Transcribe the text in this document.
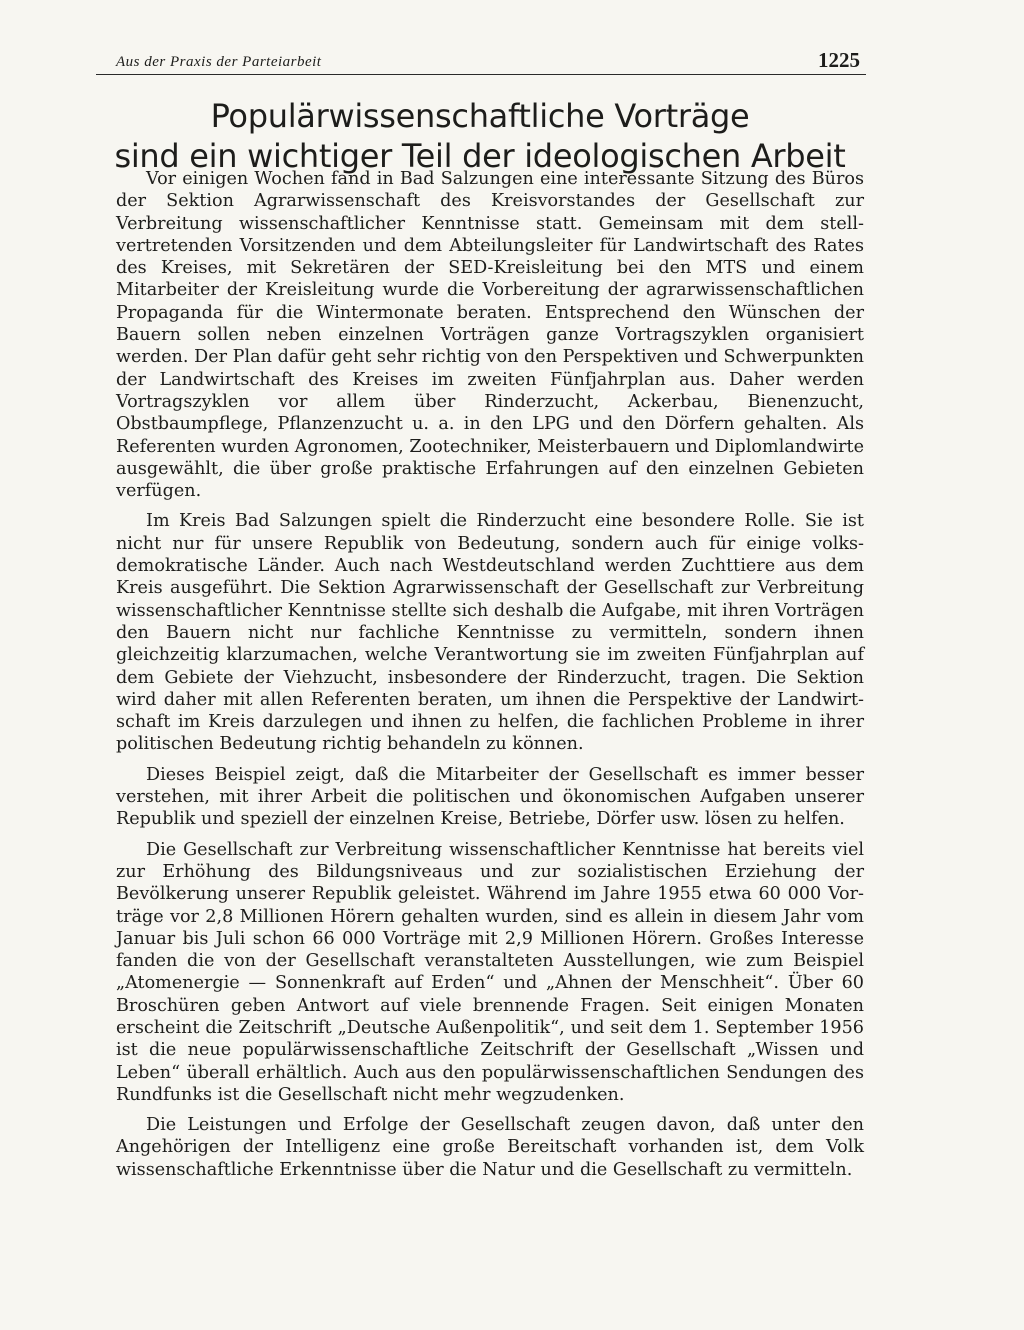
Aus der Praxis der Parteiarbeit	1225
Populärwissenschaftliche Vorträge
sind ein wichtiger Teil der ideologischen Arbeit

Vor einigen Wochen fand in Bad Salzungen eine interessante Sitzung des Büros der Sektion Agrarwissenschaft des Kreisvorstandes der Gesellschaft zur Verbreitung wissenschaftlicher Kenntnisse statt. Gemeinsam mit dem stellvertretenden Vorsitzenden und dem Abteilungsleiter für Landwirtschaft des Rates des Kreises, mit Sekretären der SED-Kreisleitung bei den MTS und einem Mitarbeiter der Kreisleitung wurde die Vorbereitung der agrarwissenschaftlichen Propaganda für die Wintermonate beraten. Entsprechend den Wünschen der Bauern sollen neben einzelnen Vorträgen ganze Vortragszyklen organisiert werden. Der Plan dafür geht sehr richtig von den Perspektiven und Schwerpunkten der Landwirtschaft des Kreises im zweiten Fünfjahrplan aus. Daher werden Vortragszyklen vor allem über Rinderzucht, Ackerbau, Bienenzucht, Obstbaumpflege, Pflanzenzucht u. a. in den LPG und den Dörfern gehalten. Als Referenten wurden Agronomen, Zootechniker, Meisterbauern und Diplomlandwirte ausgewählt, die über große praktische Erfahrungen auf den einzelnen Gebieten verfügen.

Im Kreis Bad Salzungen spielt die Rinderzucht eine besondere Rolle. Sie ist nicht nur für unsere Republik von Bedeutung, sondern auch für einige volksdemokratische Länder. Auch nach Westdeutschland werden Zuchttiere aus dem Kreis ausgeführt. Die Sektion Agrarwissenschaft der Gesellschaft zur Verbreitung wissenschaftlicher Kenntnisse stellte sich deshalb die Aufgabe, mit ihren Vorträgen den Bauern nicht nur fachliche Kenntnisse zu vermitteln, sondern ihnen gleichzeitig klarzumachen, welche Verantwortung sie im zweiten Fünfjahrplan auf dem Gebiete der Viehzucht, insbesondere der Rinderzucht, tragen. Die Sektion wird daher mit allen Referenten beraten, um ihnen die Perspektive der Landwirtschaft im Kreis darzulegen und ihnen zu helfen, die fachlichen Probleme in ihrer politischen Bedeutung richtig behandeln zu können.

Dieses Beispiel zeigt, daß die Mitarbeiter der Gesellschaft es immer besser verstehen, mit ihrer Arbeit die politischen und ökonomischen Aufgaben unserer Republik und speziell der einzelnen Kreise, Betriebe, Dörfer usw. lösen zu helfen.

Die Gesellschaft zur Verbreitung wissenschaftlicher Kenntnisse hat bereits viel zur Erhöhung des Bildungsniveaus und zur sozialistischen Erziehung der Bevölkerung unserer Republik geleistet. Während im Jahre 1955 etwa 60 000 Vorträge vor 2,8 Millionen Hörern gehalten wurden, sind es allein in diesem Jahr vom Januar bis Juli schon 66 000 Vorträge mit 2,9 Millionen Hörern. Großes Interesse fanden die von der Gesellschaft veranstalteten Ausstellungen, wie zum Beispiel „Atomenergie — Sonnenkraft auf Erden“ und „Ahnen der Menschheit“. Über 60 Broschüren geben Antwort auf viele brennende Fragen. Seit einigen Monaten erscheint die Zeitschrift „Deutsche Außenpolitik“, und seit dem 1. September 1956 ist die neue populärwissenschaftliche Zeitschrift der Gesellschaft „Wissen und Leben“ überall erhältlich. Auch aus den populärwissenschaftlichen Sendungen des Rundfunks ist die Gesellschaft nicht mehr wegzudenken.

Die Leistungen und Erfolge der Gesellschaft zeugen davon, daß unter den Angehörigen der Intelligenz eine große Bereitschaft vorhanden ist, dem Volk wissenschaftliche Erkenntnisse über die Natur und die Gesellschaft zu vermitteln.
